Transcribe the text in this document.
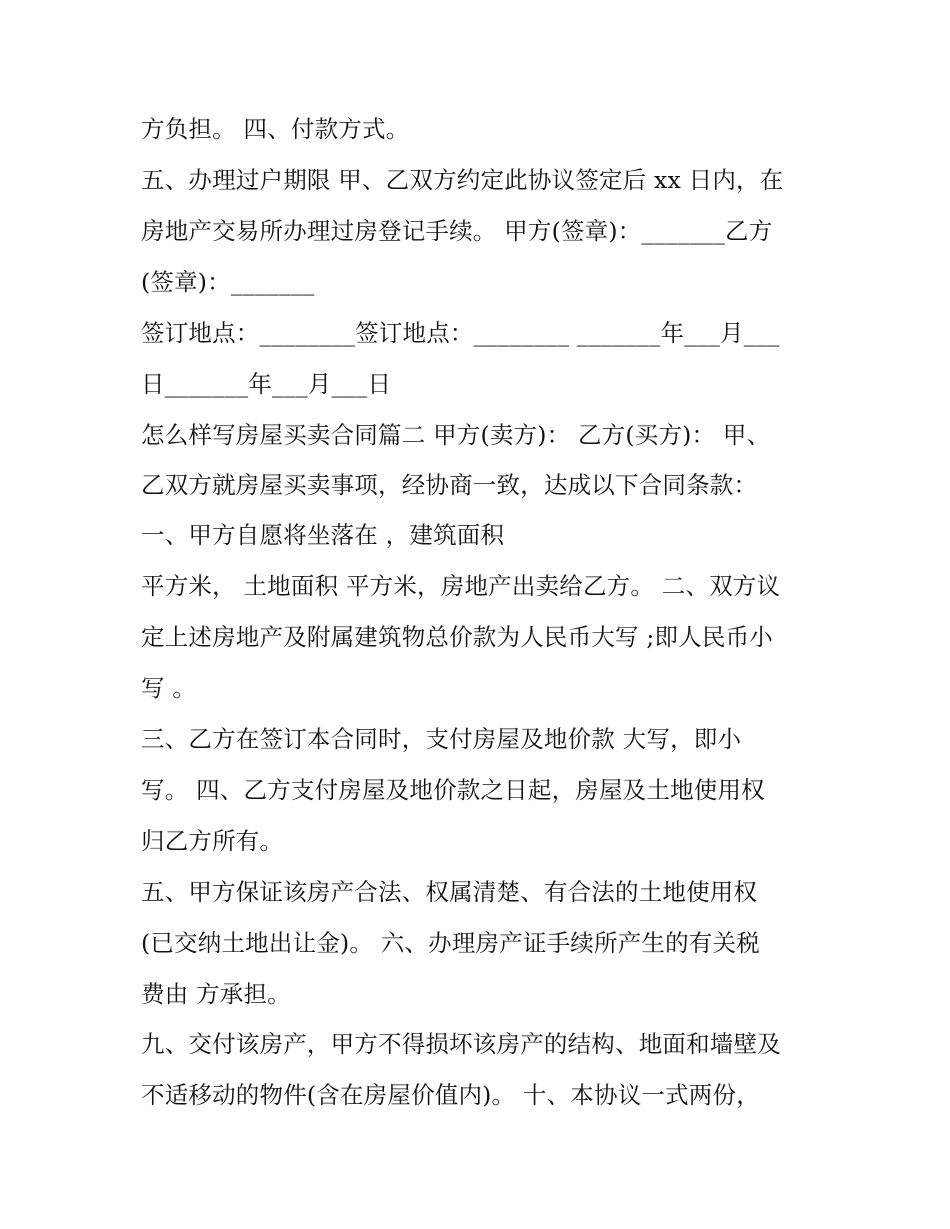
方负担。 四、付款方式。
五、办理过户期限 甲、乙双方约定此协议签定后 xx 日内，在
房地产交易所办理过房登记手续。 甲方(签章)：_______乙方
(签章)：_______
签订地点：________签订地点：________ _______年___月___
日_______年___月___日
怎么样写房屋买卖合同篇二 甲方(卖方)： 乙方(买方)： 甲、
乙双方就房屋买卖事项，经协商一致，达成以下合同条款：
一、甲方自愿将坐落在 ，建筑面积
平方米， 土地面积 平方米，房地产出卖给乙方。 二、双方议
定上述房地产及附属建筑物总价款为人民币大写 ;即人民币小
写 。
三、乙方在签订本合同时，支付房屋及地价款 大写，即小
写。 四、乙方支付房屋及地价款之日起，房屋及土地使用权
归乙方所有。
五、甲方保证该房产合法、权属清楚、有合法的土地使用权
(已交纳土地出让金)。 六、办理房产证手续所产生的有关税
费由 方承担。
九、交付该房产，甲方不得损坏该房产的结构、地面和墙壁及
不适移动的物件(含在房屋价值内)。 十、本协议一式两份，
